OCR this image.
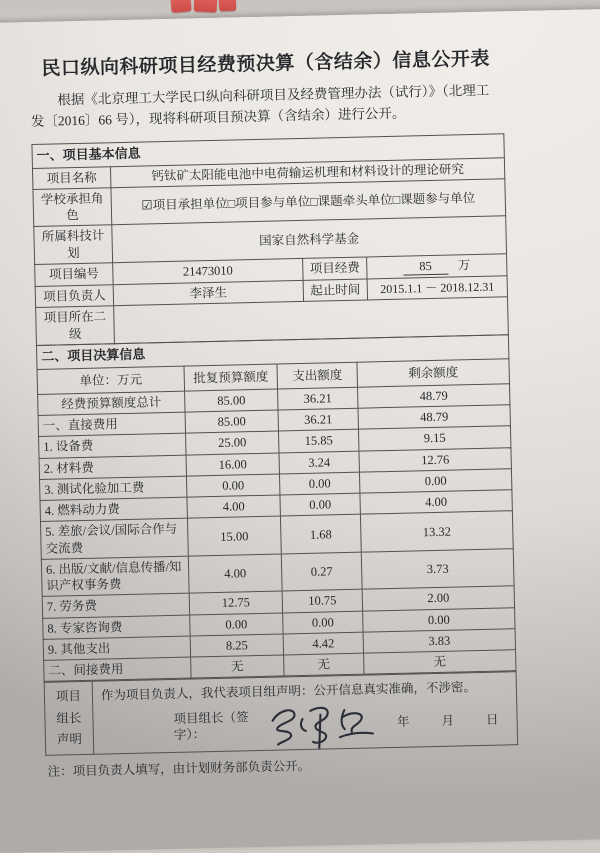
民口纵向科研项目经费预决算（含结余）信息公开表

根据《北京理工大学民口纵向科研项目及经费管理办法（试行）》（北理工发〔2016〕66 号），现将科研项目预决算（含结余）进行公开。

一、项目基本信息			
项目名称	钙钛矿太阳能电池中电荷输运机理和材料设计的理论研究		
学校承担角色	☑项目承担单位□项目参与单位□课题牵头单位□课题参与单位		
所属科技计划	国家自然科学基金		
项目编号	21473010	项目经费	85 万
项目负责人	李泽生	起止时间	2015.1.1 － 2018.12.31
项目所在二级			
二、项目决算信息			
单位：万元	批复预算额度	支出额度	剩余额度
经费预算额度总计	85.00	36.21	48.79
一、直接费用	85.00	36.21	48.79
1. 设备费	25.00	15.85	9.15
2. 材料费	16.00	3.24	12.76
3. 测试化验加工费	0.00	0.00	0.00
4. 燃料动力费	4.00	0.00	4.00
5. 差旅/会议/国际合作与交流费	15.00	1.68	13.32
6. 出版/文献/信息传播/知识产权事务费	4.00	0.27	3.73
7. 劳务费	12.75	10.75	2.00
8. 专家咨询费	0.00	0.00	0.00
9. 其他支出	8.25	4.42	3.83
二、间接费用	无	无	无
项目
组长
声明	
作为项目负责人，我代表项目组声明：公开信息真实准确，不涉密。
项目组长（签字）：
年	月	日

注：项目负责人填写，由计划财务部负责公开。
